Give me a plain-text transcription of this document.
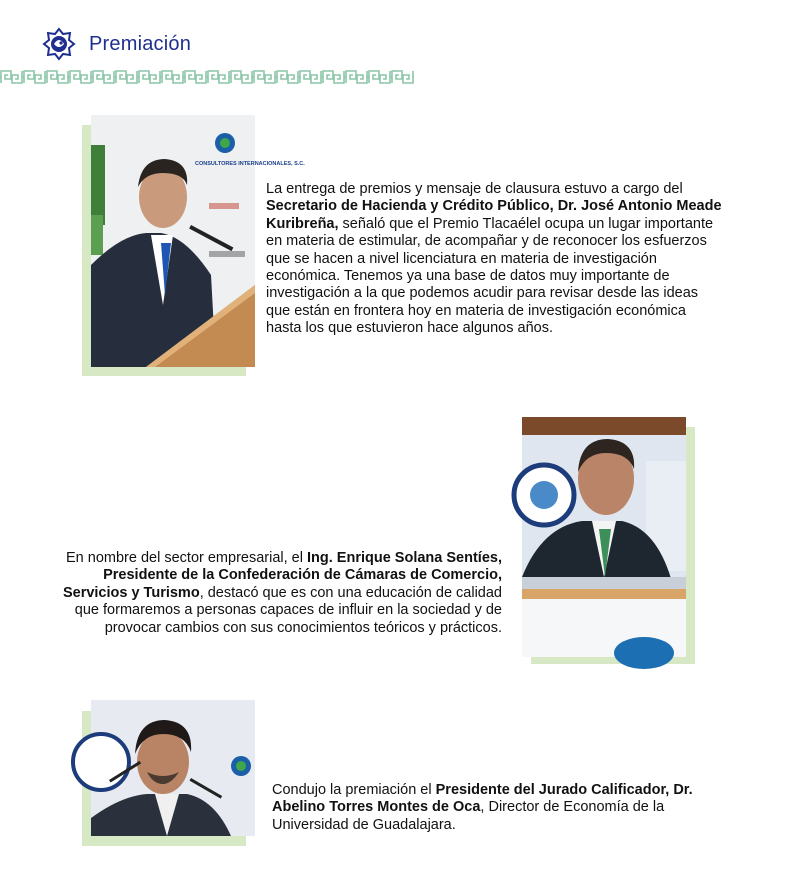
Premiación
CONSULTORES INTERNACIONALES, S.C.
La entrega de premios y mensaje de clausura estuvo a cargo del Secretario de Hacienda y Crédito Público, Dr. José Antonio Meade Kuribreña, señaló que el Premio Tlacaélel ocupa un lugar importante en materia de estimular, de acompañar y de reconocer los esfuerzos que se hacen a nivel licenciatura en materia de investigación económica. Tenemos ya una base de datos muy importante de investigación a la que podemos acudir para revisar desde las ideas que están en frontera hoy en materia de investigación económica hasta los que estuvieron hace algunos años.
En nombre del sector empresarial, el Ing. Enrique Solana Sentíes, Presidente de la Confederación de Cámaras de Comercio, Servicios y Turismo, destacó que es con una educación de calidad que formaremos a personas capaces de influir en la sociedad y de provocar cambios con sus conocimientos teóricos y prácticos.
Condujo la premiación el Presidente del Jurado Calificador, Dr. Abelino Torres Montes de Oca, Director de Economía de la Universidad de Guadalajara.
